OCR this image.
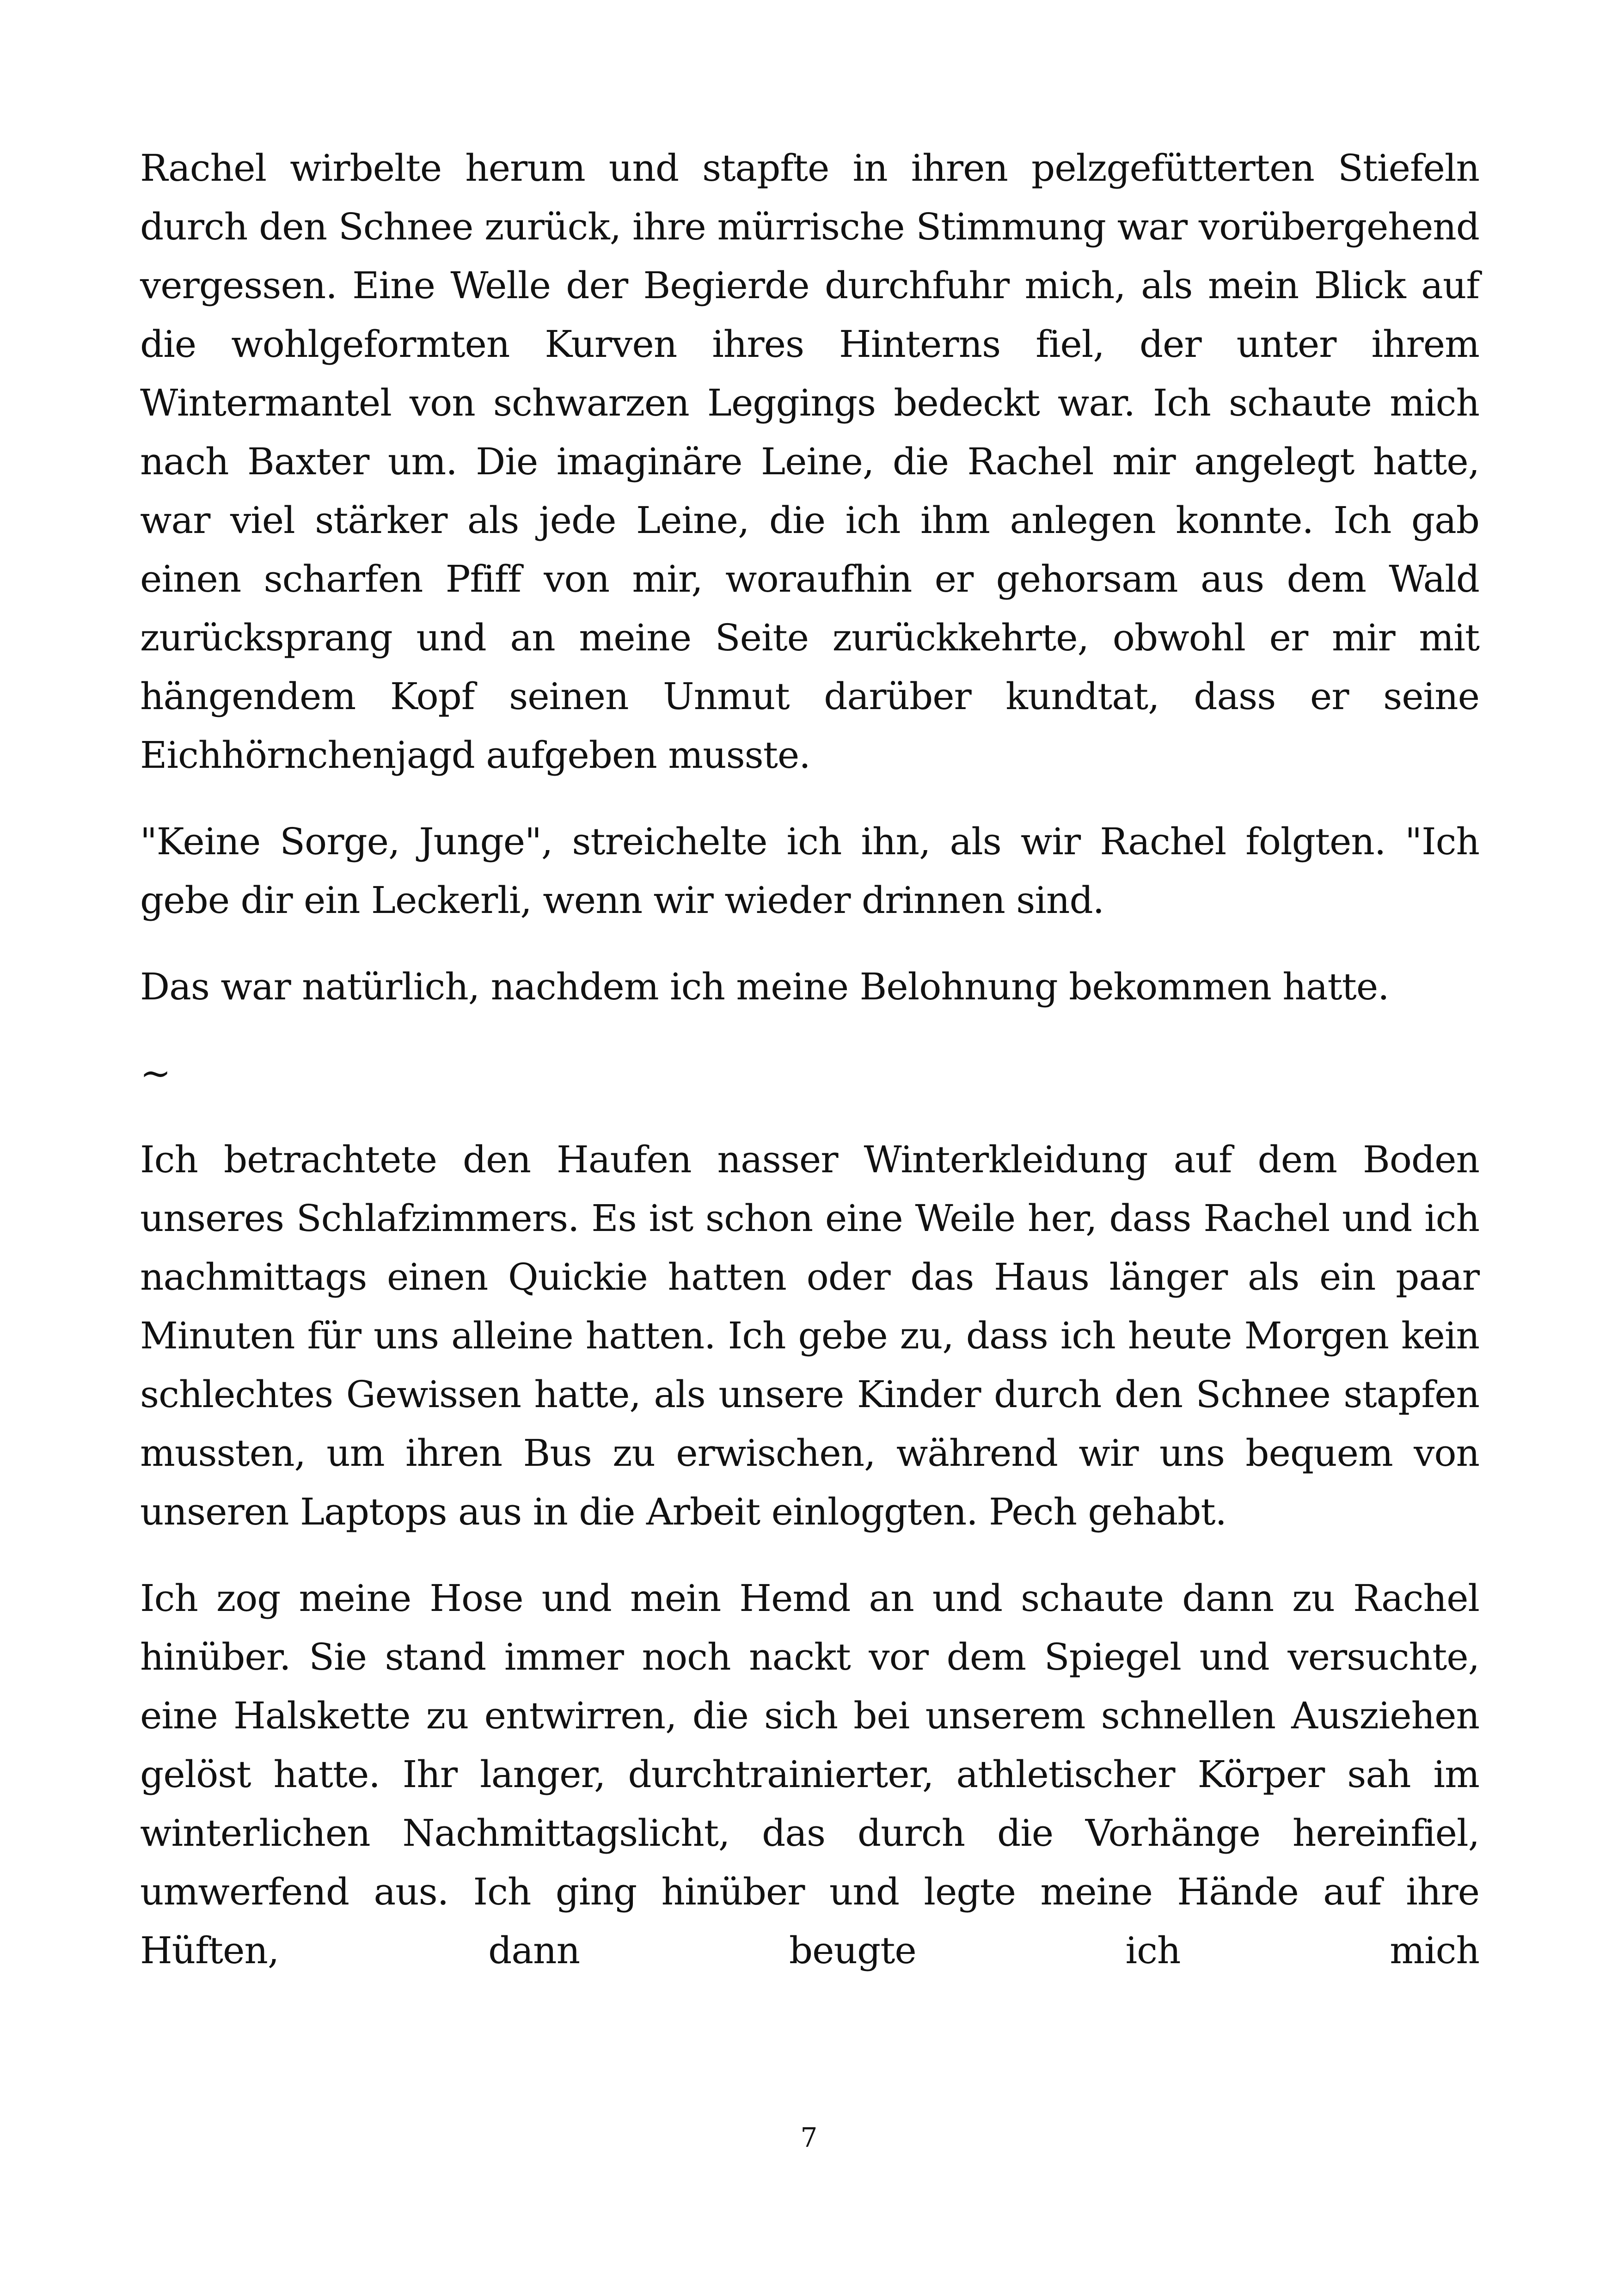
Rachel wirbelte herum und stapfte in ihren pelzgefütterten Stiefeln durch den Schnee zurück, ihre mürrische Stimmung war vorübergehend vergessen. Eine Welle der Begierde durchfuhr mich, als mein Blick auf die wohlgeformten Kurven ihres Hinterns fiel, der unter ihrem Wintermantel von schwarzen Leggings bedeckt war. Ich schaute mich nach Baxter um. Die imaginäre Leine, die Rachel mir angelegt hatte, war viel stärker als jede Leine, die ich ihm anlegen konnte. Ich gab einen scharfen Pfiff von mir, woraufhin er gehorsam aus dem Wald zurücksprang und an meine Seite zurückkehrte, obwohl er mir mit hängendem Kopf seinen Unmut darüber kundtat, dass er seine Eichhörnchenjagd aufgeben musste.

"Keine Sorge, Junge", streichelte ich ihn, als wir Rachel folgten. "Ich gebe dir ein Leckerli, wenn wir wieder drinnen sind.

Das war natürlich, nachdem ich meine Belohnung bekommen hatte.

~

Ich betrachtete den Haufen nasser Winterkleidung auf dem Boden unseres Schlafzimmers. Es ist schon eine Weile her, dass Rachel und ich nachmittags einen Quickie hatten oder das Haus länger als ein paar Minuten für uns alleine hatten. Ich gebe zu, dass ich heute Morgen kein schlechtes Gewissen hatte, als unsere Kinder durch den Schnee stapfen mussten, um ihren Bus zu erwischen, während wir uns bequem von unseren Laptops aus in die Arbeit einloggten. Pech gehabt.

Ich zog meine Hose und mein Hemd an und schaute dann zu Rachel hinüber. Sie stand immer noch nackt vor dem Spiegel und versuchte, eine Halskette zu entwirren, die sich bei unserem schnellen Ausziehen gelöst hatte. Ihr langer, durchtrainierter, athletischer Körper sah im winterlichen Nachmittagslicht, das durch die Vorhänge hereinfiel, umwerfend aus. Ich ging hinüber und legte meine Hände auf ihre Hüften, dann beugte ich mich

7
